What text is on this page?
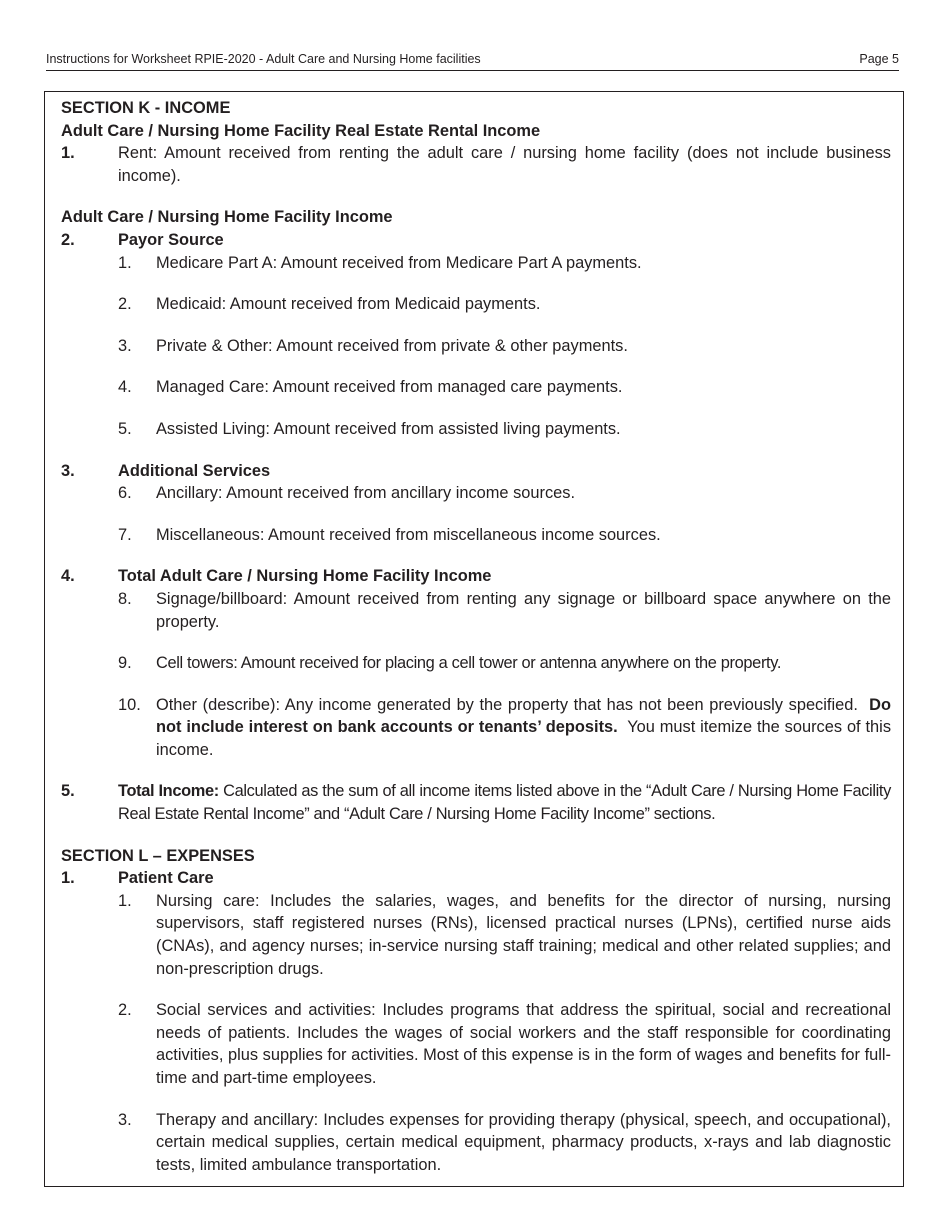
Instructions for Worksheet RPIE-2020 - Adult Care and Nursing Home facilities	Page 5
SECTION K - INCOME
Adult Care / Nursing Home Facility Real Estate Rental Income
1.	Rent: Amount received from renting the adult care / nursing home facility (does not include business income).
Adult Care / Nursing Home Facility Income
2.	Payor Source
1.	Medicare Part A: Amount received from Medicare Part A payments.
2.	Medicaid: Amount received from Medicaid payments.
3.	Private & Other: Amount received from private & other payments.
4.	Managed Care: Amount received from managed care payments.
5.	Assisted Living: Amount received from assisted living payments.
3.	Additional Services
6.	Ancillary: Amount received from ancillary income sources.
7.	Miscellaneous: Amount received from miscellaneous income sources.
4.	Total Adult Care / Nursing Home Facility Income
8.	Signage/billboard: Amount received from renting any signage or billboard space anywhere on the property.
9.	Cell towers: Amount received for placing a cell tower or antenna anywhere on the property.
10. Other (describe): Any income generated by the property that has not been previously specified. Do not include interest on bank accounts or tenants’ deposits. You must itemize the sources of this income.
5.	Total Income: Calculated as the sum of all income items listed above in the “Adult Care / Nursing Home Facility Real Estate Rental Income” and “Adult Care / Nursing Home Facility Income” sections.
SECTION L – EXPENSES
1.	Patient Care
1.	Nursing care: Includes the salaries, wages, and benefits for the director of nursing, nursing supervisors, staff registered nurses (RNs), licensed practical nurses (LPNs), certified nurse aids (CNAs), and agency nurses; in-service nursing staff training; medical and other related supplies; and non-prescription drugs.
2.	Social services and activities: Includes programs that address the spiritual, social and recreational needs of patients. Includes the wages of social workers and the staff responsible for coordinating activities, plus supplies for activities. Most of this expense is in the form of wages and benefits for full-time and part-time employees.
3.	Therapy and ancillary: Includes expenses for providing therapy (physical, speech, and occupational), certain medical supplies, certain medical equipment, pharmacy products, x-rays and lab diagnostic tests, limited ambulance transportation.
